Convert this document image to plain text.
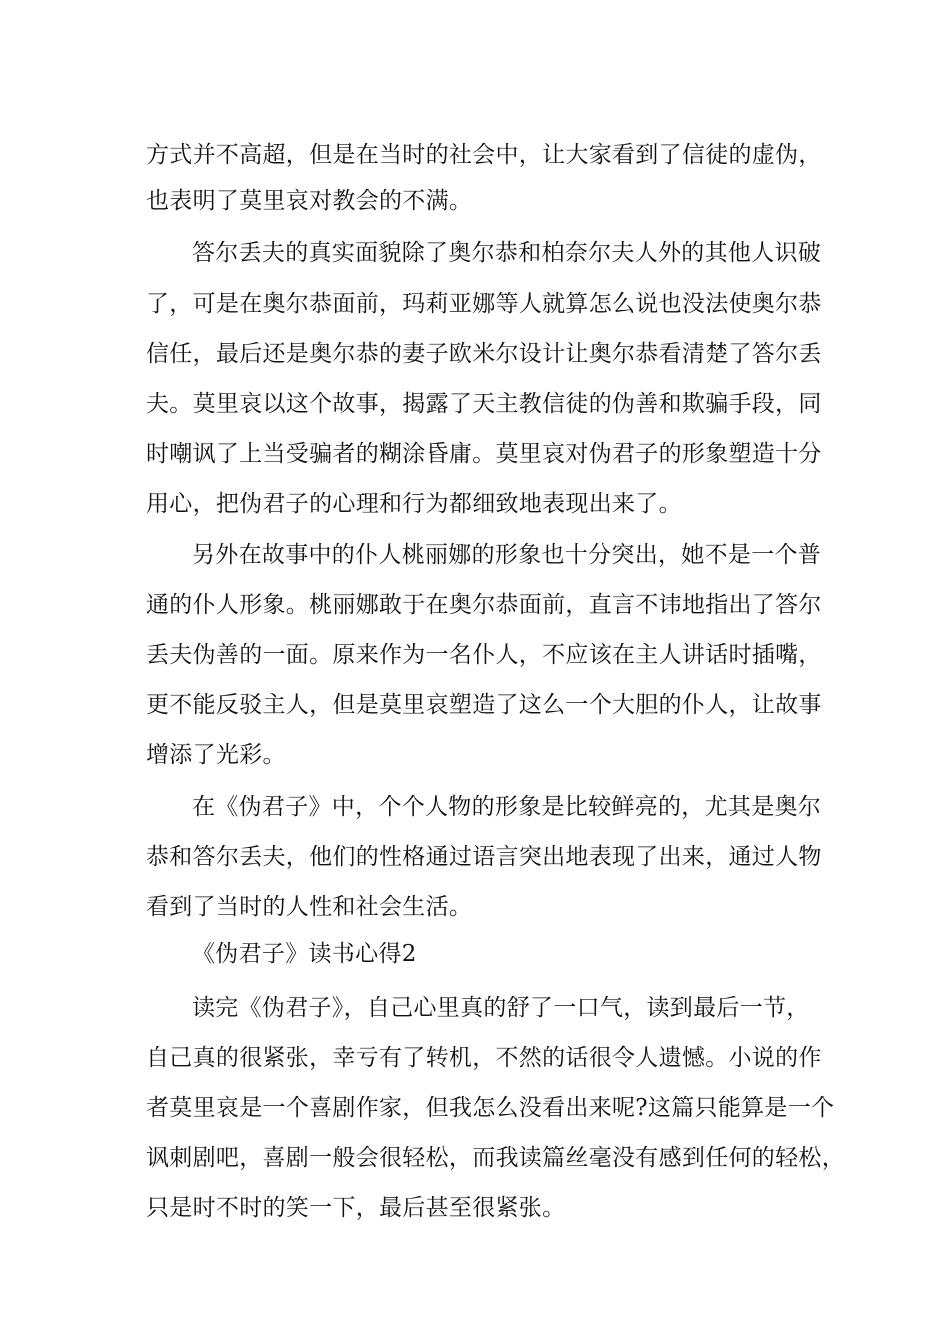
方式并不高超，但是在当时的社会中，让大家看到了信徒的虚伪，
也表明了莫里哀对教会的不满。
答尔丢夫的真实面貌除了奥尔恭和柏奈尔夫人外的其他人识破
了，可是在奥尔恭面前，玛莉亚娜等人就算怎么说也没法使奥尔恭
信任，最后还是奥尔恭的妻子欧米尔设计让奥尔恭看清楚了答尔丢
夫。莫里哀以这个故事，揭露了天主教信徒的伪善和欺骗手段，同
时嘲讽了上当受骗者的糊涂昏庸。莫里哀对伪君子的形象塑造十分
用心，把伪君子的心理和行为都细致地表现出来了。
另外在故事中的仆人桃丽娜的形象也十分突出，她不是一个普
通的仆人形象。桃丽娜敢于在奥尔恭面前，直言不讳地指出了答尔
丢夫伪善的一面。原来作为一名仆人，不应该在主人讲话时插嘴，
更不能反驳主人，但是莫里哀塑造了这么一个大胆的仆人，让故事
增添了光彩。
在《伪君子》中，个个人物的形象是比较鲜亮的，尤其是奥尔
恭和答尔丢夫，他们的性格通过语言突出地表现了出来，通过人物
看到了当时的人性和社会生活。
《伪君子》读书心得2
读完《伪君子》，自己心里真的舒了一口气，读到最后一节，
自己真的很紧张，幸亏有了转机，不然的话很令人遗憾。小说的作
者莫里哀是一个喜剧作家，但我怎么没看出来呢?这篇只能算是一个
讽刺剧吧，喜剧一般会很轻松，而我读篇丝毫没有感到任何的轻松，
只是时不时的笑一下，最后甚至很紧张。
